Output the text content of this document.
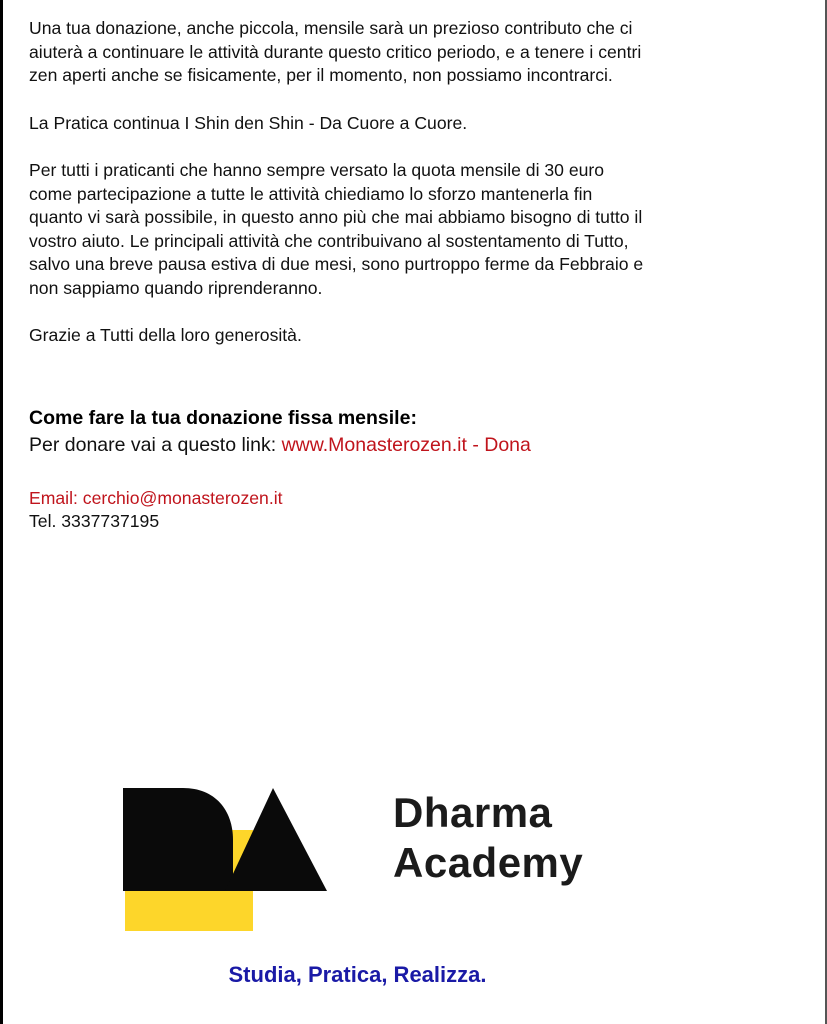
Una tua donazione, anche piccola, mensile sarà un prezioso contributo che ci
aiuterà a continuare le attività durante questo critico periodo, e a tenere i centri
zen aperti anche se fisicamente, per il momento, non possiamo incontrarci.

La Pratica continua I Shin den Shin - Da Cuore a Cuore.

Per tutti i praticanti che hanno sempre versato la quota mensile di 30 euro
come partecipazione a tutte le attività chiediamo lo sforzo mantenerla fin
quanto vi sarà possibile, in questo anno più che mai abbiamo bisogno di tutto il
vostro aiuto. Le principali attività che contribuivano al sostentamento di Tutto,
salvo una breve pausa estiva di due mesi, sono purtroppo ferme da Febbraio e
non sappiamo quando riprenderanno.

Grazie a Tutti della loro generosità.

Come fare la tua donazione fissa mensile:
Per donare vai a questo link: www.Monasterozen.it - Dona
Email: cerchio@monasterozen.it
Tel. 3337737195
Dharma
Academy
Studia, Pratica, Realizza.
